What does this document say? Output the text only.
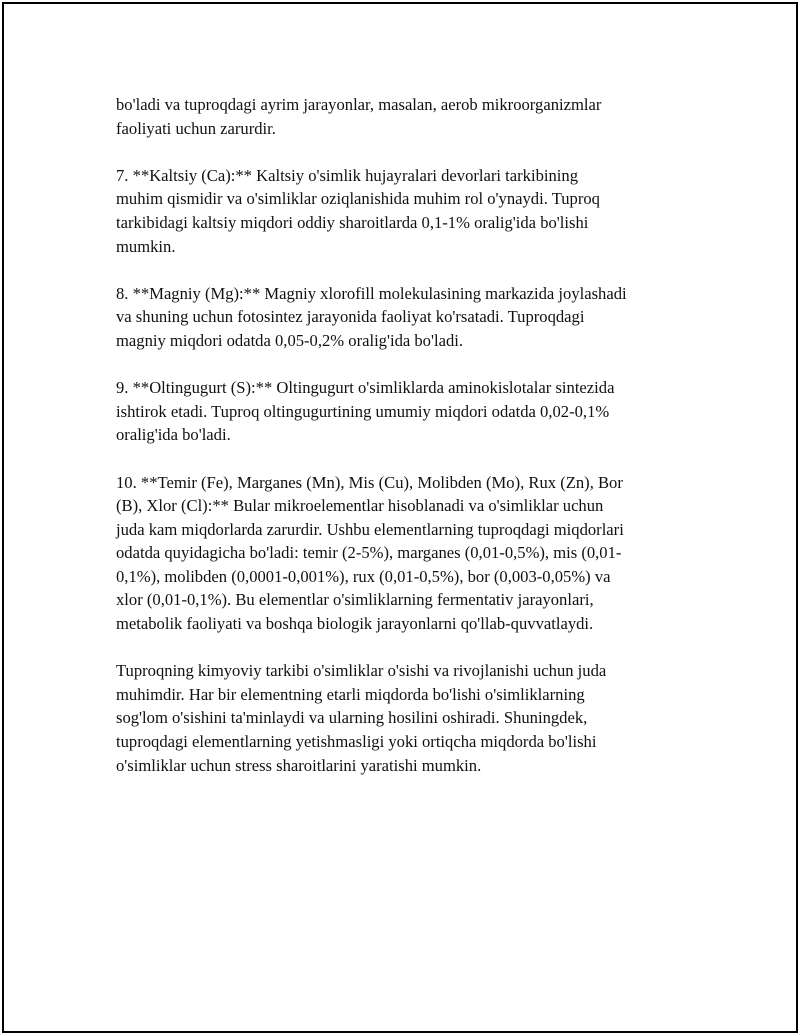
bo'ladi va tuproqdagi ayrim jarayonlar, masalan, aerob mikroorganizmlar
faoliyati uchun zarurdir.

7. **Kaltsiy (Ca):** Kaltsiy o'simlik hujayralari devorlari tarkibining
muhim qismidir va o'simliklar oziqlanishida muhim rol o'ynaydi. Tuproq
tarkibidagi kaltsiy miqdori oddiy sharoitlarda 0,1-1% oralig'ida bo'lishi
mumkin.

8. **Magniy (Mg):** Magniy xlorofill molekulasining markazida joylashadi
va shuning uchun fotosintez jarayonida faoliyat ko'rsatadi. Tuproqdagi
magniy miqdori odatda 0,05-0,2% oralig'ida bo'ladi.

9. **Oltingugurt (S):** Oltingugurt o'simliklarda aminokislotalar sintezida
ishtirok etadi. Tuproq oltingugurtining umumiy miqdori odatda 0,02-0,1%
oralig'ida bo'ladi.

10. **Temir (Fe), Marganes (Mn), Mis (Cu), Molibden (Mo), Rux (Zn), Bor
(B), Xlor (Cl):** Bular mikroelementlar hisoblanadi va o'simliklar uchun
juda kam miqdorlarda zarurdir. Ushbu elementlarning tuproqdagi miqdorlari
odatda quyidagicha bo'ladi: temir (2-5%), marganes (0,01-0,5%), mis (0,01-
0,1%), molibden (0,0001-0,001%), rux (0,01-0,5%), bor (0,003-0,05%) va
xlor (0,01-0,1%). Bu elementlar o'simliklarning fermentativ jarayonlari,
metabolik faoliyati va boshqa biologik jarayonlarni qo'llab-quvvatlaydi.

Tuproqning kimyoviy tarkibi o'simliklar o'sishi va rivojlanishi uchun juda
muhimdir. Har bir elementning etarli miqdorda bo'lishi o'simliklarning
sog'lom o'sishini ta'minlaydi va ularning hosilini oshiradi. Shuningdek,
tuproqdagi elementlarning yetishmasligi yoki ortiqcha miqdorda bo'lishi
o'simliklar uchun stress sharoitlarini yaratishi mumkin.
